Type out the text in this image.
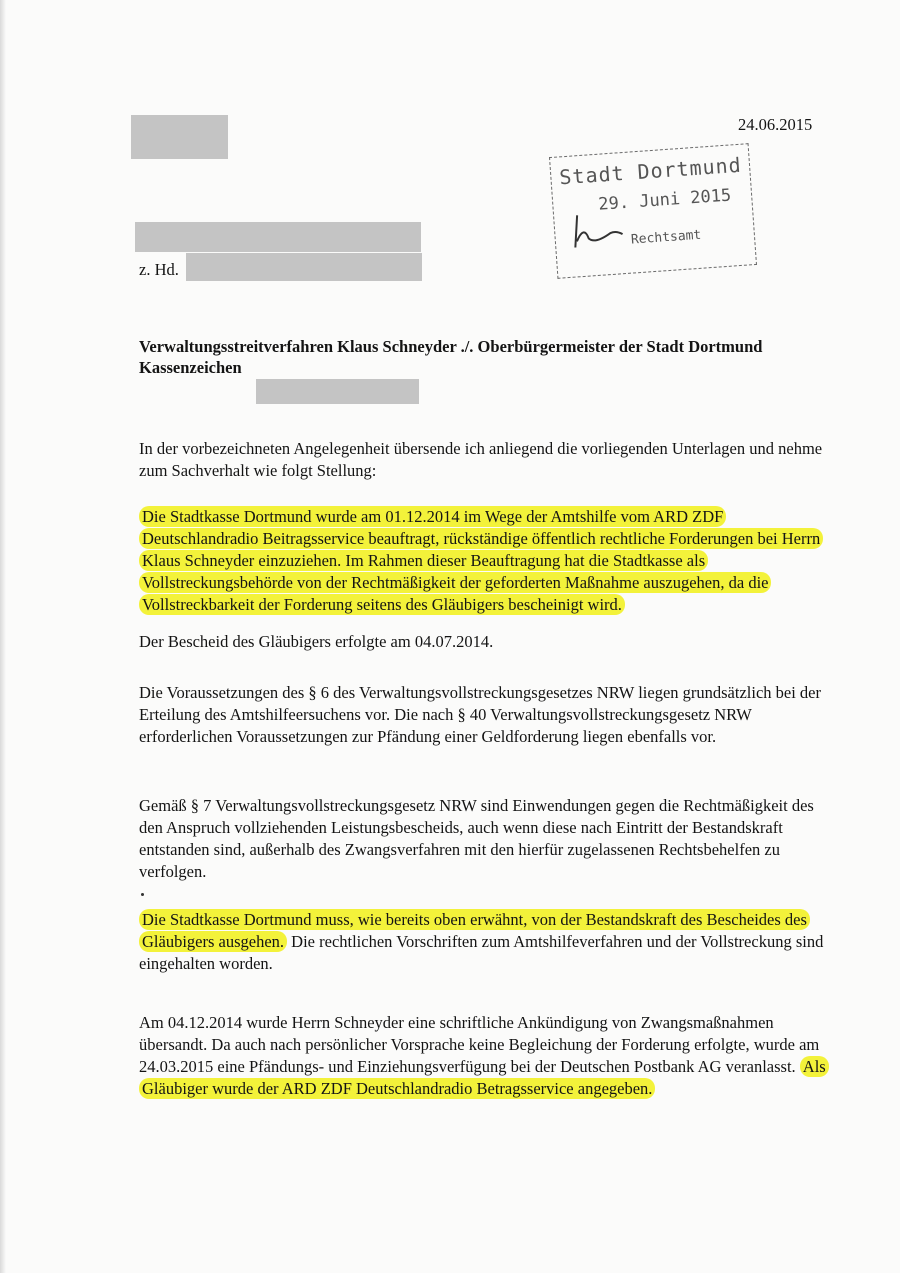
24.06.2015
Stadt Dortmund
29. Juni 2015
Rechtsamt
z. Hd.
Verwaltungsstreitverfahren Klaus Schneyder ./. Oberbürgermeister der Stadt Dortmund
Kassenzeichen
In der vorbezeichneten Angelegenheit übersende ich anliegend die vorliegenden Unterlagen und nehme zum Sachverhalt wie folgt Stellung:
Die Stadtkasse Dortmund wurde am 01.12.2014 im Wege der Amtshilfe vom ARD ZDF Deutschlandradio Beitragsservice beauftragt, rückständige öffentlich rechtliche Forderungen bei Herrn Klaus Schneyder einzuziehen. Im Rahmen dieser Beauftragung hat die Stadtkasse als Vollstreckungsbehörde von der Rechtmäßigkeit der geforderten Maßnahme auszugehen, da die Vollstreckbarkeit der Forderung seitens des Gläubigers bescheinigt wird.
Der Bescheid des Gläubigers erfolgte am 04.07.2014.
Die Voraussetzungen des § 6 des Verwaltungsvollstreckungsgesetzes NRW liegen grundsätzlich bei der Erteilung des Amtshilfeersuchens vor. Die nach § 40 Verwaltungsvollstreckungsgesetz NRW erforderlichen Voraussetzungen zur Pfändung einer Geldforderung liegen ebenfalls vor.
Gemäß § 7 Verwaltungsvollstreckungsgesetz NRW sind Einwendungen gegen die Rechtmäßigkeit des den Anspruch vollziehenden Leistungsbescheids, auch wenn diese nach Eintritt der Bestandskraft entstanden sind, außerhalb des Zwangsverfahren mit den hierfür zugelassenen Rechtsbehelfen zu verfolgen.
Die Stadtkasse Dortmund muss, wie bereits oben erwähnt, von der Bestandskraft des Bescheides des Gläubigers ausgehen. Die rechtlichen Vorschriften zum Amtshilfeverfahren und der Vollstreckung sind eingehalten worden.
Am 04.12.2014 wurde Herrn Schneyder eine schriftliche Ankündigung von Zwangsmaßnahmen übersandt. Da auch nach persönlicher Vorsprache keine Begleichung der Forderung erfolgte, wurde am 24.03.2015 eine Pfändungs- und Einziehungsverfügung bei der Deutschen Postbank AG veranlasst. Als Gläubiger wurde der ARD ZDF Deutschlandradio Betragsservice angegeben.
